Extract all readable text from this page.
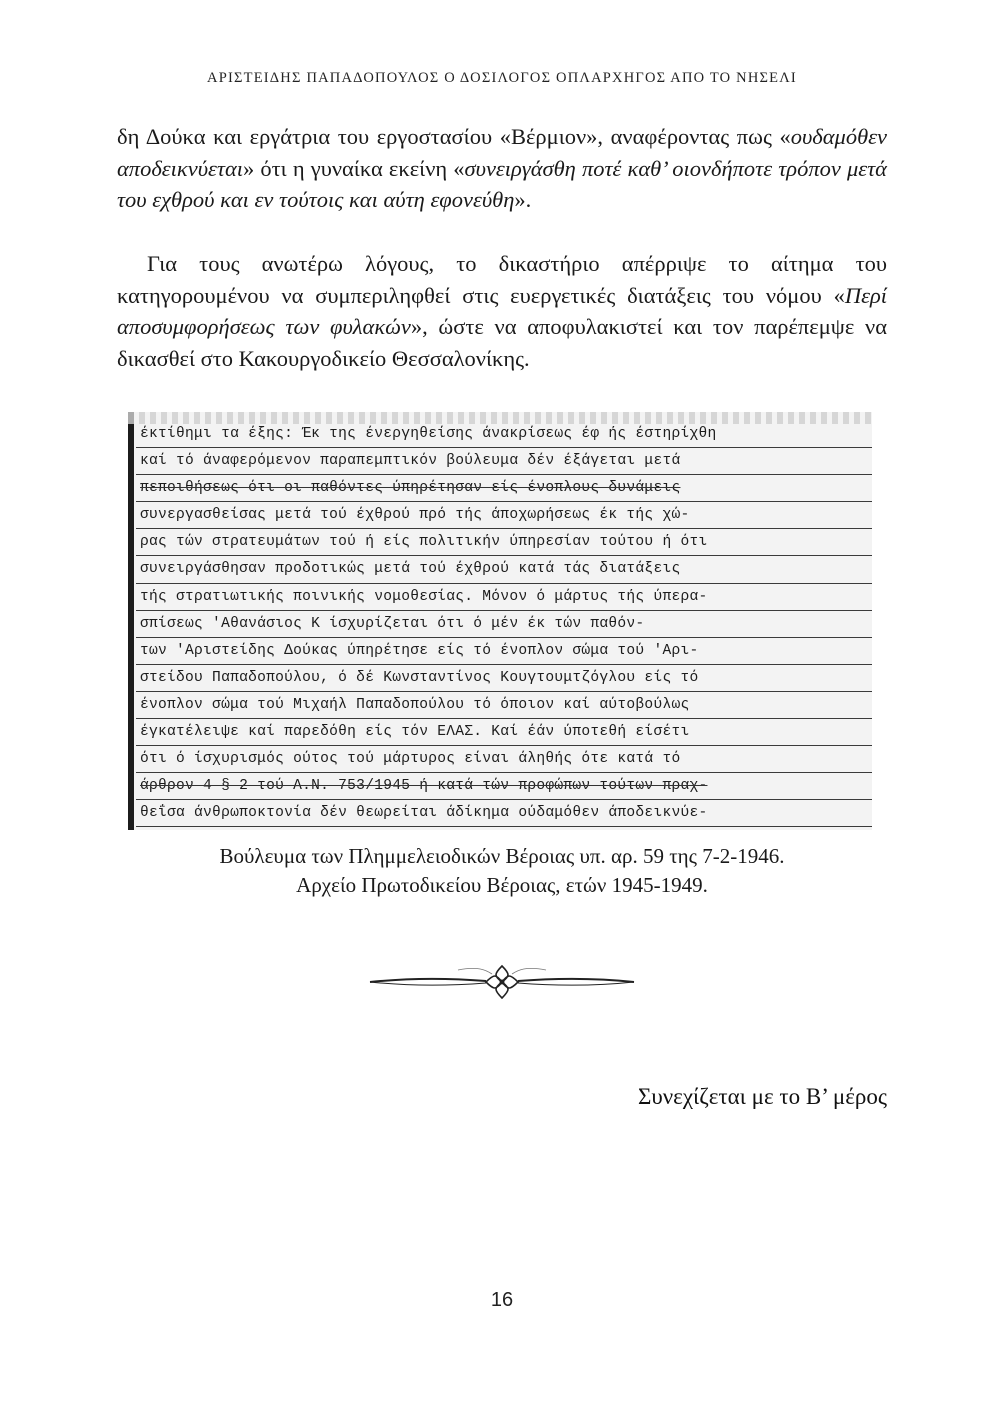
ΑΡΙΣΤΕΙΔΗΣ ΠΑΠΑΔΟΠΟΥΛΟΣ Ο ΔΟΣΙΛΟΓΟΣ ΟΠΛΑΡΧΗΓΟΣ ΑΠΟ ΤΟ ΝΗΣΕΛΙ
δη Δούκα και εργάτρια του εργοστασίου «Βέρμιον», αναφέροντας πως «ουδαμόθεν αποδεικνύεται» ότι η γυναίκα εκείνη «συνειργάσθη ποτέ καθ’ οιονδήποτε τρόπον μετά του εχθρού και εν τούτοις και αύτη εφονεύθη».
Για τους ανωτέρω λόγους, το δικαστήριο απέρριψε το αίτημα του κατηγορουμένου να συμπεριληφθεί στις ευεργετικές διατάξεις του νόμου «Περί αποσυμφορήσεως των φυλακών», ώστε να αποφυλακιστεί και τον παρέπεμψε να δικασθεί στο Κακουργοδικείο Θεσσαλονίκης.
έκτίθημι τα έξης: Έκ της ένεργηθείσης άνακρίσεως έφ ής έστηρίχθη
καί τό άναφερόμενον παραπεμπτικόν βούλευμα δέν έξάγεται μετά
πεποιθήσεως ότι οι παθόντες ύπηρέτησαν είς ένοπλους δυνάμεις
συνεργασθείσας μετά τού έχθρού πρό τής άποχωρήσεως έκ τής χώ-
ρας τών στρατευμάτων τού ή είς πολιτικήν ύπηρεσίαν τούτου ή ότι
συνειργάσθησαν προδοτικώς μετά τού έχθρού κατά τάς διατάξεις
τής στρατιωτικής ποινικής νομοθεσίας. Μόνον ό μάρτυς τής ύπερα-
σπίσεως 'Αθανάσιος Κ ίσχυρίζεται ότι ό μέν έκ τών παθόν-
των 'Αριστείδης Δούκας ύπηρέτησε είς τό ένοπλον σώμα τού 'Αρι-
στείδου Παπαδοπούλου, ό δέ Κωνσταντίνος Κουγτουμτζόγλου είς τό
ένοπλον σώμα τού Μιχαήλ Παπαδοπούλου τό όποιον καί αύτοβούλως
έγκατέλειψε καί παρεδόθη είς τόν ΕΛΑΣ. Καί έάν ύποτεθή είσέτι
ότι ό ίσχυρισμός ούτος τού μάρτυρος είναι άληθής ότε κατά τό
άρθρον 4 § 2 τού Α.Ν. 753/1945 ή κατά τών προφώπων τούτων πραχ-
θεΐσα άνθρωποκτονία δέν θεωρείται άδίκημα ούδαμόθεν άποδεικνύε-
Βούλευμα των Πλημμελειοδικών Βέροιας υπ. αρ. 59 της 7-2-1946.
Αρχείο Πρωτοδικείου Βέροιας, ετών 1945-1949.
Συνεχίζεται με το Β’ μέρος
16
